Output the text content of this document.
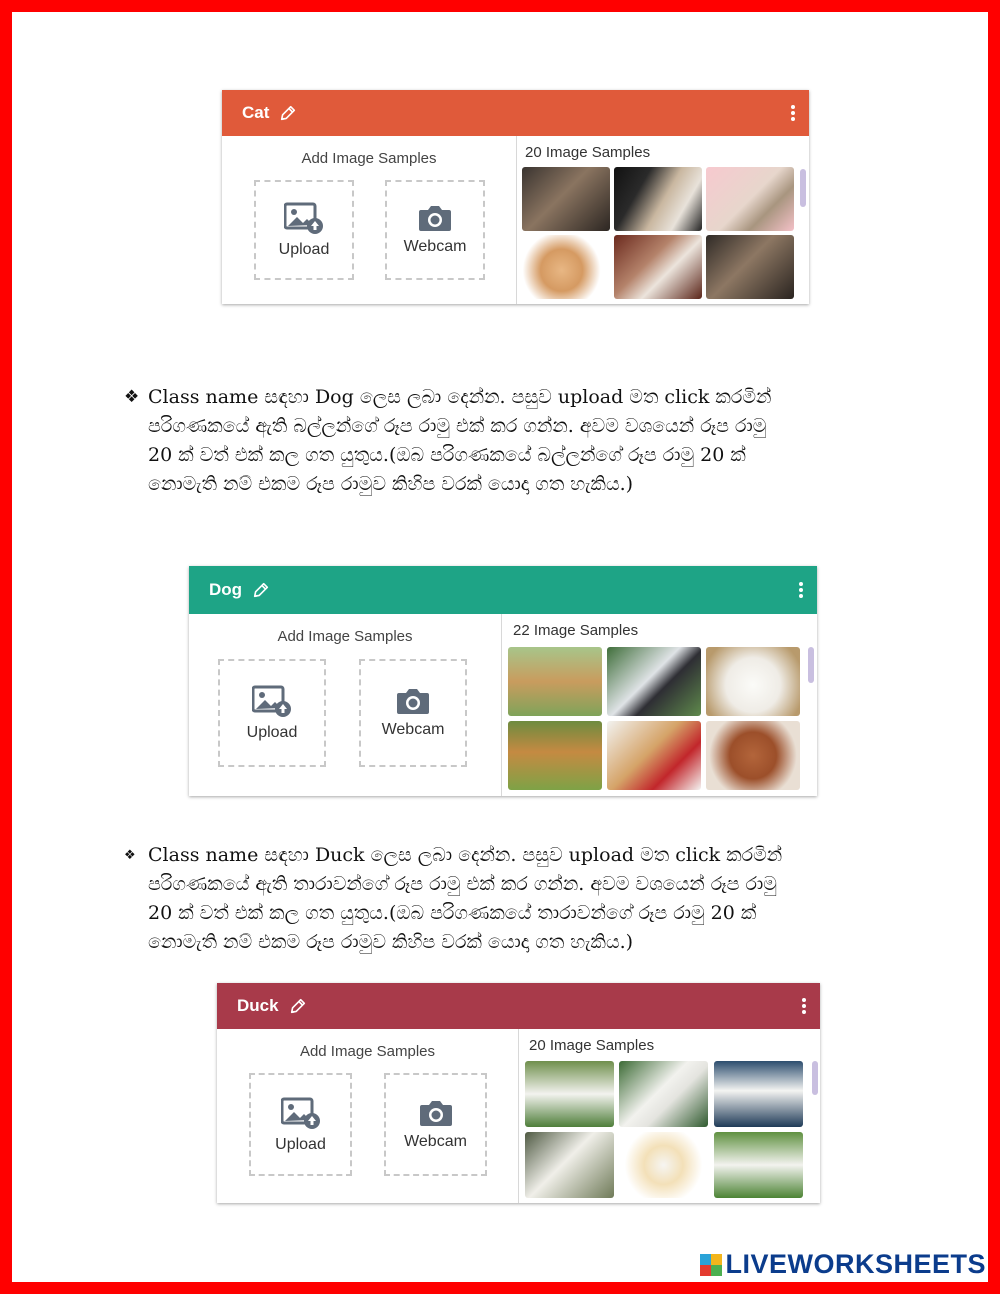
Cat
Add Image Samples
Upload	Webcam
20 Image Samples
❖ Class name සඳහා Dog ලෙස ලබා දෙන්න. පසුව upload මත click කරමින්

පරිගණකයේ ඇති බල්ලන්ගේ රූප රාමු එක් කර ගන්න. අවම වශයෙන් රූප රාමු

20 ක් වත් එක් කල ගත යුතුය.(ඔබ පරිගණකයේ බල්ලන්ගේ රූප රාමු 20 ක්

නොමැති නම් එකම රූප රාමුව කිහිප වරක් යොදා ගත හැකිය.)

Dog
Add Image Samples
Upload	Webcam
22 Image Samples
❖ Class name සඳහා Duck ලෙස ලබා දෙන්න. පසුව upload මත click කරමින්

පරිගණකයේ ඇති තාරාවන්ගේ රූප රාමු එක් කර ගන්න. අවම වශයෙන් රූප රාමු

20 ක් වත් එක් කල ගත යුතුය.(ඔබ පරිගණකයේ තාරාවන්ගේ රූප රාමු 20 ක්

නොමැති නම් එකම රූප රාමුව කිහිප වරක් යොදා ගත හැකිය.)

Duck
Add Image Samples
Upload	Webcam
20 Image Samples
LIVEWORKSHEETS
